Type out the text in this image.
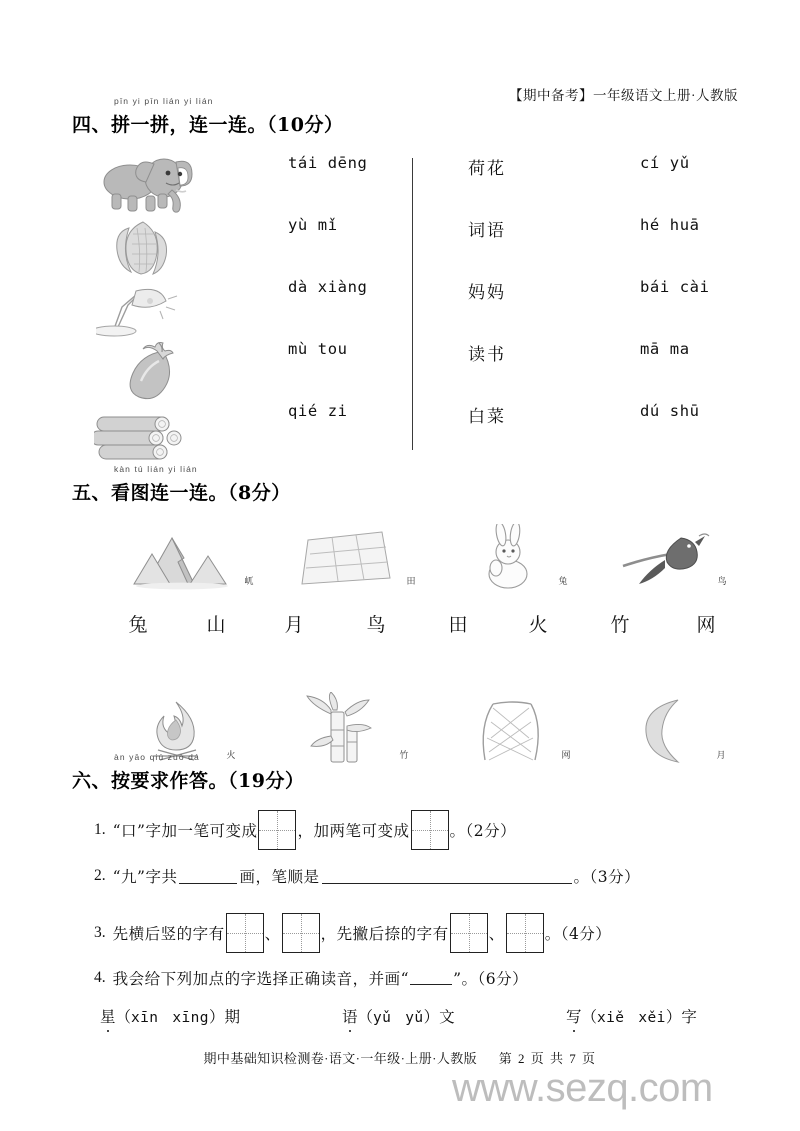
【期中备考】一年级语文上册·人教版
pīn yi pīn lián yi lián
四、拼一拼，连一连。（10分）
tái dēng	荷花	cí yǔ
yù mǐ	词语	hé huā
dà xiàng	妈妈	bái cài
mù tou	读书	mā ma
qié zi	白菜	dú shū
kàn tú lián yi lián
五、看图连一连。（8分）
屼	田	兔	鸟
兔	山	月	鸟	田	火	竹	网
火	竹	网	月
àn yāo qiú zuò dá
六、按要求作答。（19分）
1. “口”字加一笔可变成	，加两笔可变成	。（2分）
2. “九”字共	画，笔顺是	。（3分）
3. 先横后竖的字有	、	，先撇后捺的字有	、	。（4分）
4. 我会给下列加点的字选择正确读音，并画“	”。（6分）
星 （ xīn xīng ） 期	语 （ yǔ yǔ ） 文	写 （ xiě xěi ） 字
期中基础知识检测卷·语文·一年级·上册·人教版 第 2 页 共 7 页
www.sezq.com
